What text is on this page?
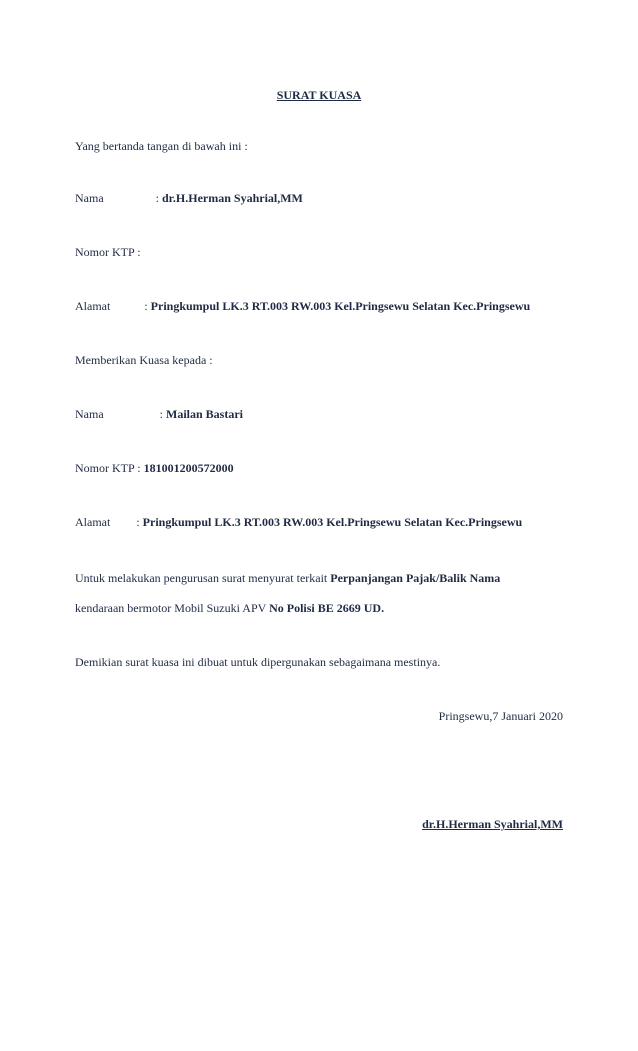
SURAT KUASA
Yang bertanda tangan di bawah ini :
Nama	: dr.H.Herman Syahrial,MM
Nomor KTP :
Alamat	: Pringkumpul LK.3 RT.003 RW.003 Kel.Pringsewu Selatan Kec.Pringsewu
Memberikan Kuasa kepada :
Nama	: Mailan Bastari
Nomor KTP : 181001200572000
Alamat : Pringkumpul LK.3 RT.003 RW.003 Kel.Pringsewu Selatan Kec.Pringsewu
Untuk melakukan pengurusan surat menyurat terkait Perpanjangan Pajak/Balik Nama
kendaraan bermotor Mobil Suzuki APV No Polisi BE 2669 UD.
Demikian surat kuasa ini dibuat untuk dipergunakan sebagaimana mestinya.
Pringsewu,7 Januari 2020
dr.H.Herman Syahrial,MM
